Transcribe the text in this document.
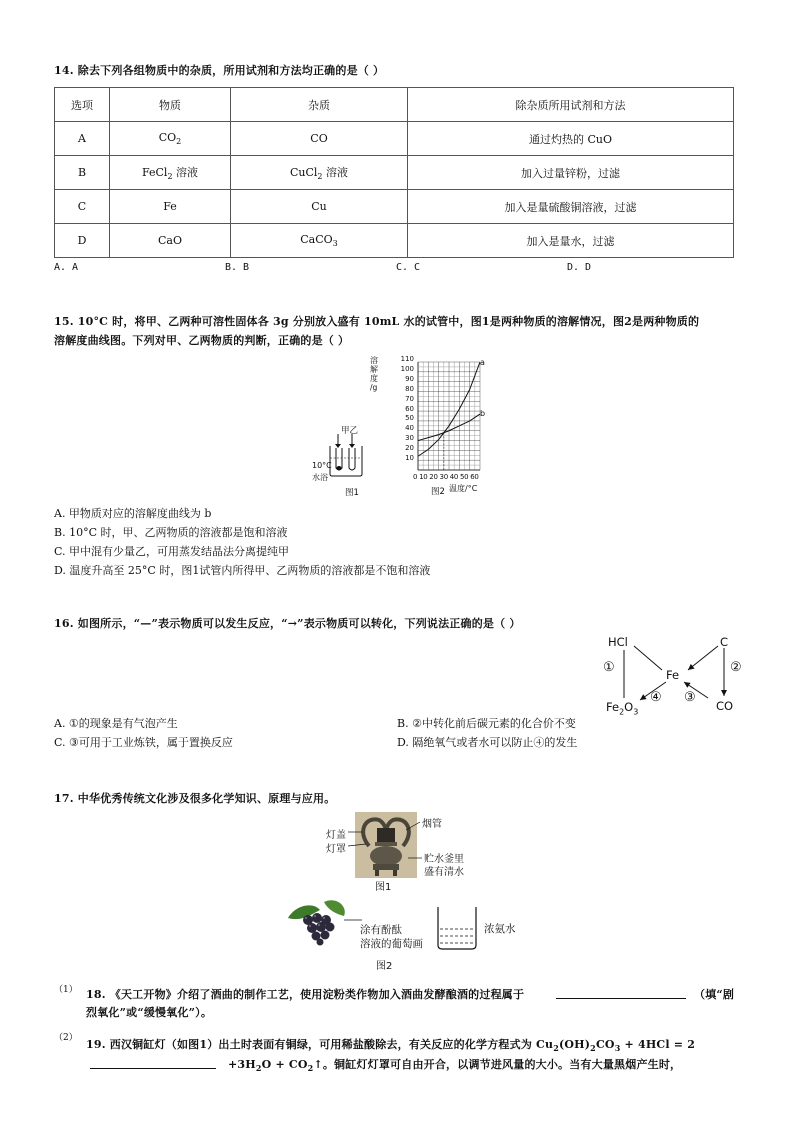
14. 除去下列各组物质中的杂质，所用试剂和方法均正确的是（ ）
选项	物质	杂质	除杂质所用试剂和方法
A	$CO_2$	CO	通过灼热的 CuO
B	FeCl$_2$ 溶液	CuCl$_2$ 溶液	加入过量锌粉，过滤
C	Fe	Cu	加入是量硫酸铜溶液，过滤
D	CaO	CaCO$_3$	加入是量水，过滤
A. A	B. B	C. C	D. D
15. 10°C 时，将甲、乙两种可溶性固体各 3g 分别放入盛有 10mL 水的试管中，图1是两种物质的溶解情况，图2是两种物质的
溶解度曲线图。下列对甲、乙两物质的判断，正确的是（ ）
甲乙
10°C
水浴
图1
溶
解
度
/g
110
100
90
80
70
60
50
40
30
20
10
a
b
0 10 20 30 40 50 60
图2 温度/°C
A. 甲物质对应的溶解度曲线为 b
B. 10°C 时，甲、乙两物质的溶液都是饱和溶液
C. 甲中混有少量乙，可用蒸发结晶法分离提纯甲
D. 温度升高至 25°C 时，图1试管内所得甲、乙两物质的溶液都是不饱和溶液
16. 如图所示，“—”表示物质可以发生反应，“→”表示物质可以转化，下列说法正确的是（ ）
HCl	C
Fe
$Fe_2O_3$	CO
①	②
③
④
A. ①的现象是有气泡产生	B. ②中转化前后碳元素的化合价不变
C. ③可用于工业炼铁，属于置换反应	D. 隔绝氧气或者水可以防止④的发生
17. 中华优秀传统文化涉及很多化学知识、原理与应用。
灯盖
灯罩
烟管
贮水釜里
盛有清水
图1
涂有酚酞
溶液的葡萄画
浓氨水
图2
（1） 18. 《天工开物》介绍了酒曲的制作工艺，使用淀粉类作物加入酒曲发酵酿酒的过程属于	（填“剧
烈氧化”或“缓慢氧化”）。
（2） 19. 西汉铜缸灯（如图1）出土时表面有铜绿，可用稀盐酸除去，有关反应的化学方程式为 $Cu_2(OH)_2CO_3 + 4HCl = 2$
$+3H_2O$ + $CO_2↑$。铜缸灯灯罩可自由开合，以调节进风量的大小。当有大量黑烟产生时，
